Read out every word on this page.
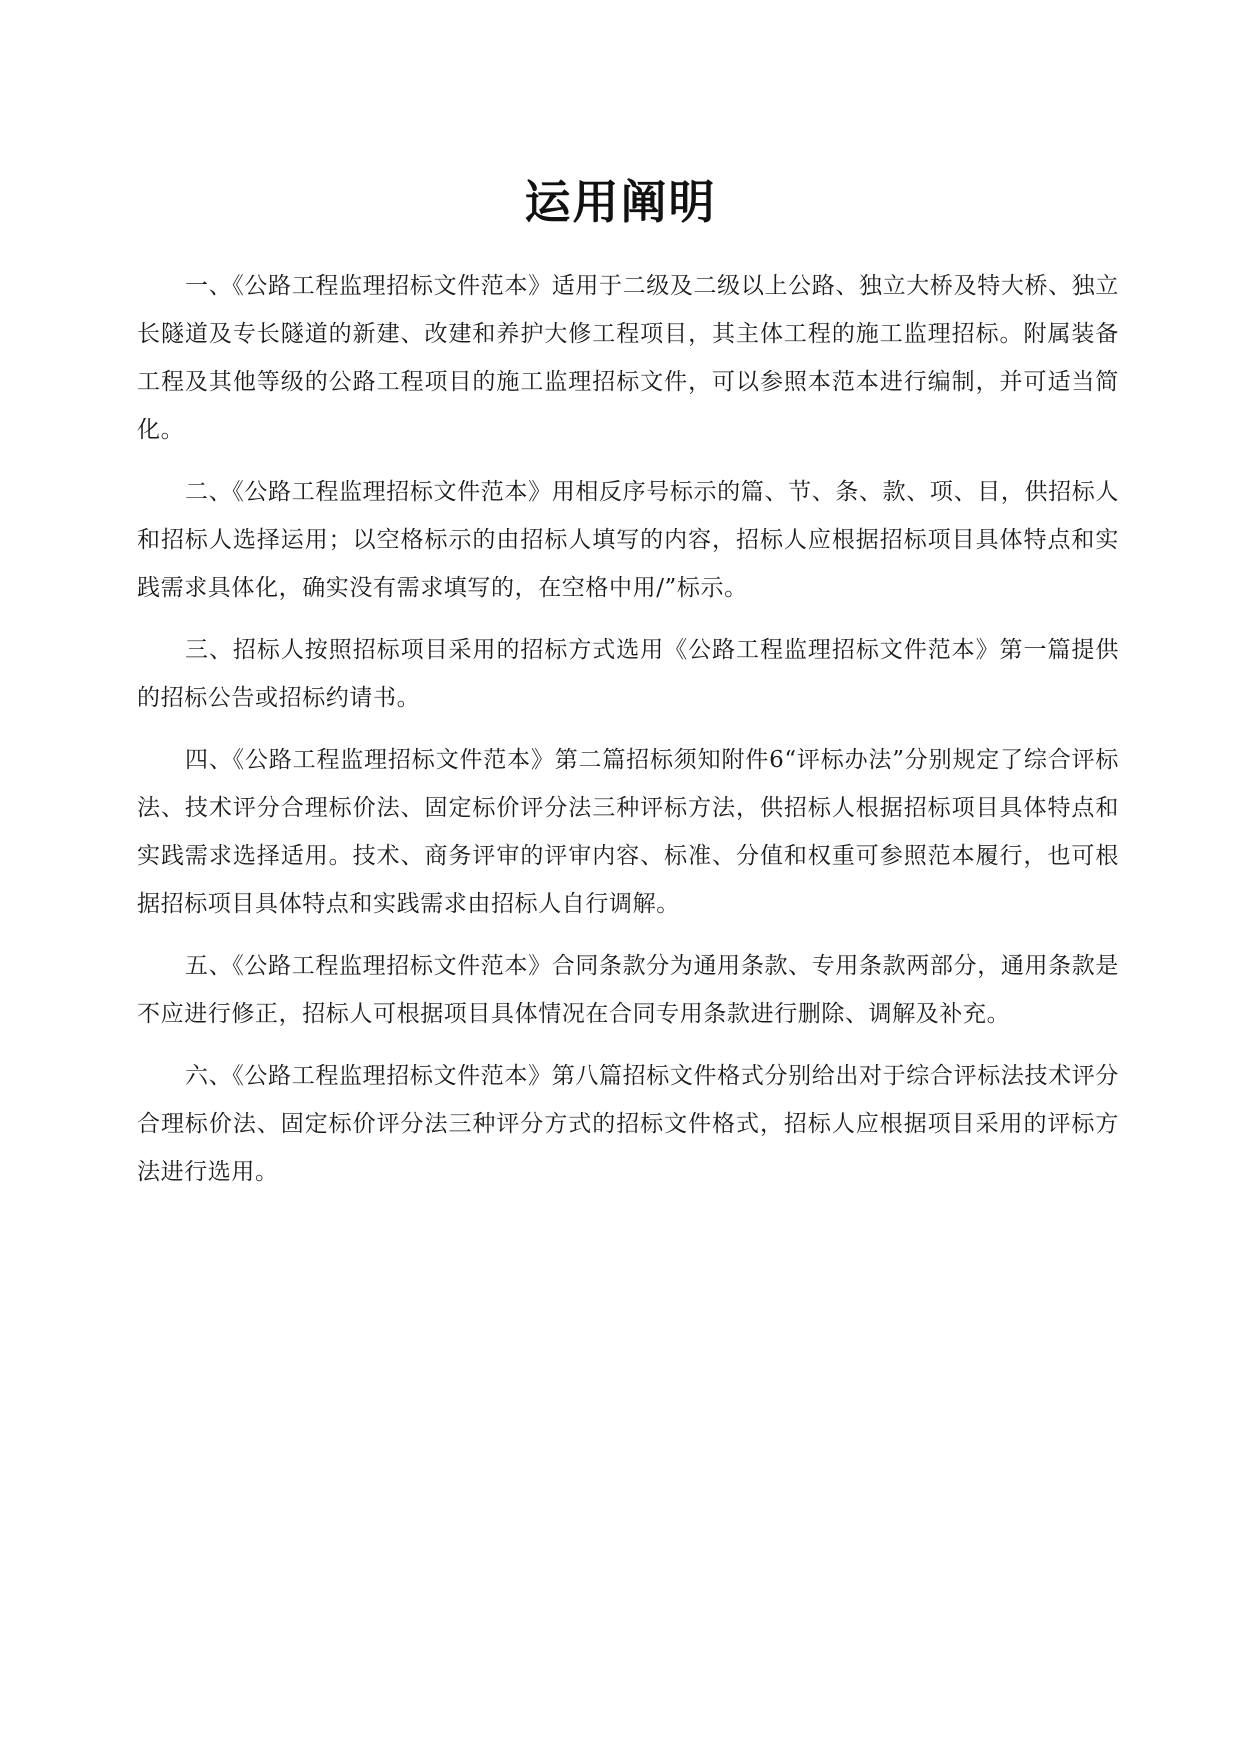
运用阐明

一、《公路工程监理招标文件范本》适用于二级及二级以上公路、独立大桥及特大桥、独立长隧道及专长隧道的新建、改建和养护大修工程项目，其主体工程的施工监理招标。附属装备工程及其他等级的公路工程项目的施工监理招标文件，可以参照本范本进行编制，并可适当简化。

二、《公路工程监理招标文件范本》用相反序号标示的篇、节、条、款、项、目，供招标人和招标人选择运用；以空格标示的由招标人填写的内容，招标人应根据招标项目具体特点和实践需求具体化，确实没有需求填写的，在空格中用/”标示。

三、招标人按照招标项目采用的招标方式选用《公路工程监理招标文件范本》第一篇提供的招标公告或招标约请书。

四、《公路工程监理招标文件范本》第二篇招标须知附件6“评标办法”分别规定了综合评标法、技术评分合理标价法、固定标价评分法三种评标方法，供招标人根据招标项目具体特点和实践需求选择适用。技术、商务评审的评审内容、标准、分值和权重可参照范本履行，也可根据招标项目具体特点和实践需求由招标人自行调解。

五、《公路工程监理招标文件范本》合同条款分为通用条款、专用条款两部分，通用条款是不应进行修正，招标人可根据项目具体情况在合同专用条款进行删除、调解及补充。

六、《公路工程监理招标文件范本》第八篇招标文件格式分别给出对于综合评标法技术评分合理标价法、固定标价评分法三种评分方式的招标文件格式，招标人应根据项目采用的评标方法进行选用。
